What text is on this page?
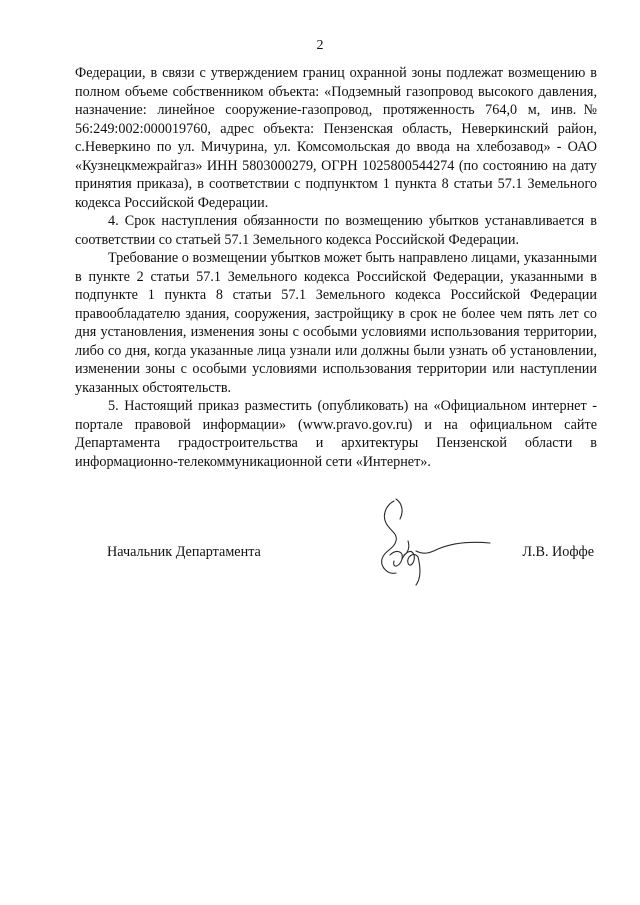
2

Федерации, в связи с утверждением границ охранной зоны подлежат возмещению в полном объеме собственником объекта: «Подземный газопровод высокого давления, назначение: линейное сооружение-газопровод, протяженность 764,0 м, инв.№ 56:249:002:000019760, адрес объекта: Пензенская область, Неверкинский район, с.Неверкино по ул. Мичурина, ул. Комсомольская до ввода на хлебозавод» - ОАО «Кузнецкмежрайгаз» ИНН 5803000279, ОГРН 1025800544274 (по состоянию на дату принятия приказа), в соответствии с подпунктом 1 пункта 8 статьи 57.1 Земельного кодекса Российской Федерации.

4. Срок наступления обязанности по возмещению убытков устанавливается в соответствии со статьей 57.1 Земельного кодекса Российской Федерации.

Требование о возмещении убытков может быть направлено лицами, указанными в пункте 2 статьи 57.1 Земельного кодекса Российской Федерации, указанными в подпункте 1 пункта 8 статьи 57.1 Земельного кодекса Российской Федерации правообладателю здания, сооружения, застройщику в срок не более чем пять лет со дня установления, изменения зоны с особыми условиями использования территории, либо со дня, когда указанные лица узнали или должны были узнать об установлении, изменении зоны с особыми условиями использования территории или наступлении указанных обстоятельств.

5. Настоящий приказ разместить (опубликовать) на «Официальном интернет - портале правовой информации» (www.pravo.gov.ru) и на официальном сайте Департамента градостроительства и архитектуры Пензенской области в информационно-телекоммуникационной сети «Интернет».

Начальник Департамента	Л.В. Иоффе
